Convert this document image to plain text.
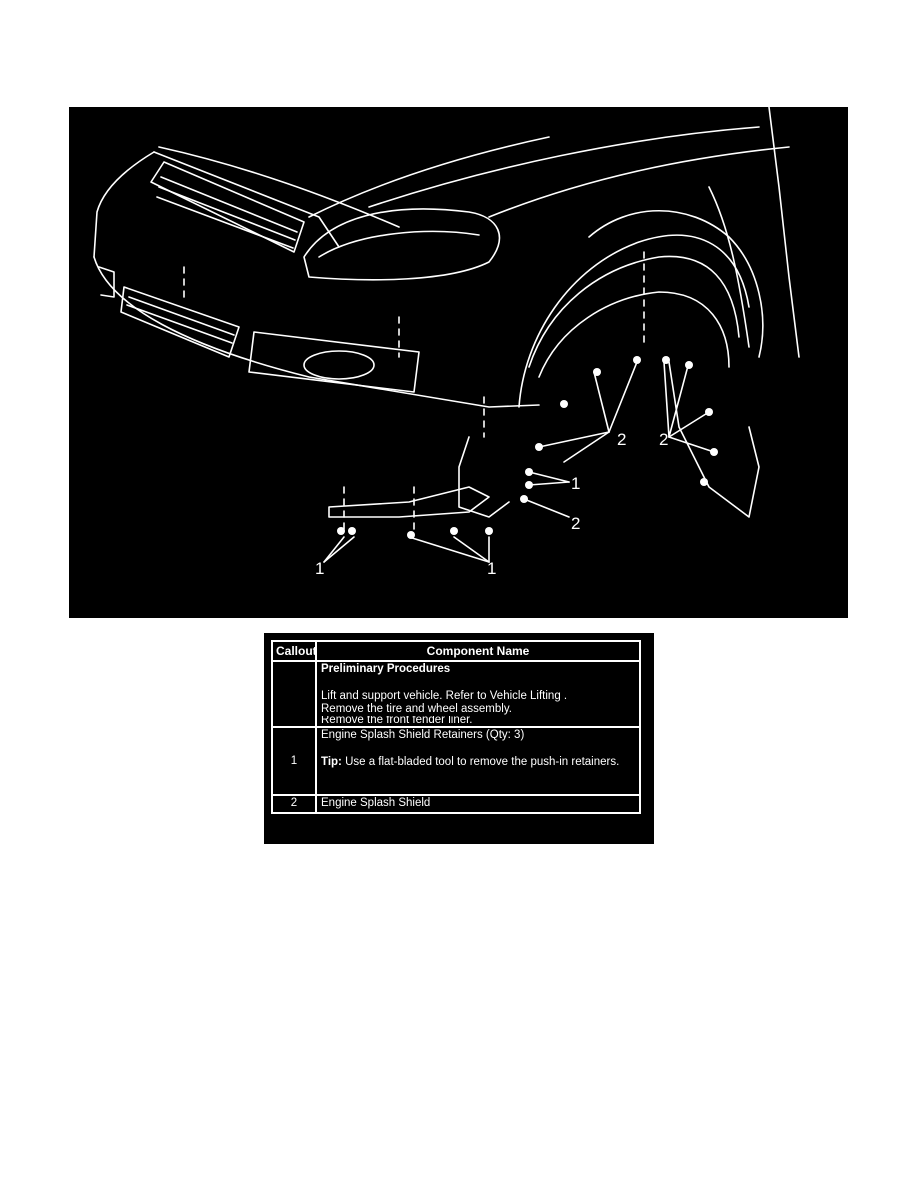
2 2
1
2
1	1
Callout	Component Name

	Preliminary Procedures
Lift and support vehicle. Refer to Vehicle Lifting .
Remove the tire and wheel assembly.
Remove the front fender liner.

1	Engine Splash Shield Retainers (Qty: 3)
Tip: Use a flat-bladed tool to remove the push-in retainers.

2	Engine Splash Shield
